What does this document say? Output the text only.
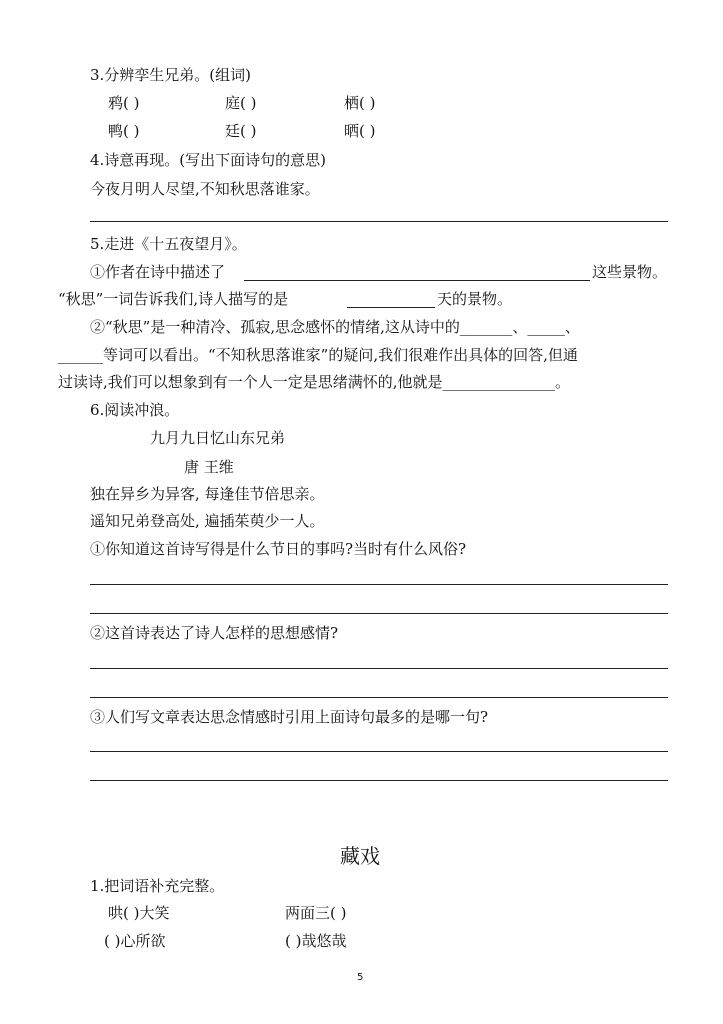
3.分辨孪生兄弟。(组词)
鸦( )	庭( )	栖( )
鸭( )	廷( )	晒( )
4.诗意再现。(写出下面诗句的意思)
今夜月明人尽望,不知秋思落谁家。
5.走进《十五夜望月》。
①作者在诗中描述了	这些景物。
“秋思”一词告诉我们,诗人描写的是	天的景物。
②“秋思”是一种清冷、孤寂,思念感怀的情绪,这从诗中的_______、_____、
______等词可以看出。“不知秋思落谁家”的疑问,我们很难作出具体的回答,但通
过读诗,我们可以想象到有一个人一定是思绪满怀的,他就是_______________。
6.阅读冲浪。
九月九日忆山东兄弟
唐 王维
独在异乡为异客, 每逢佳节倍思亲。
遥知兄弟登高处, 遍插茱萸少一人。
①你知道这首诗写得是什么节日的事吗?当时有什么风俗?
②这首诗表达了诗人怎样的思想感情?
③人们写文章表达思念情感时引用上面诗句最多的是哪一句?
藏戏
1.把词语补充完整。
哄( )大笑	两面三( )
( )心所欲	( )哉悠哉
5
